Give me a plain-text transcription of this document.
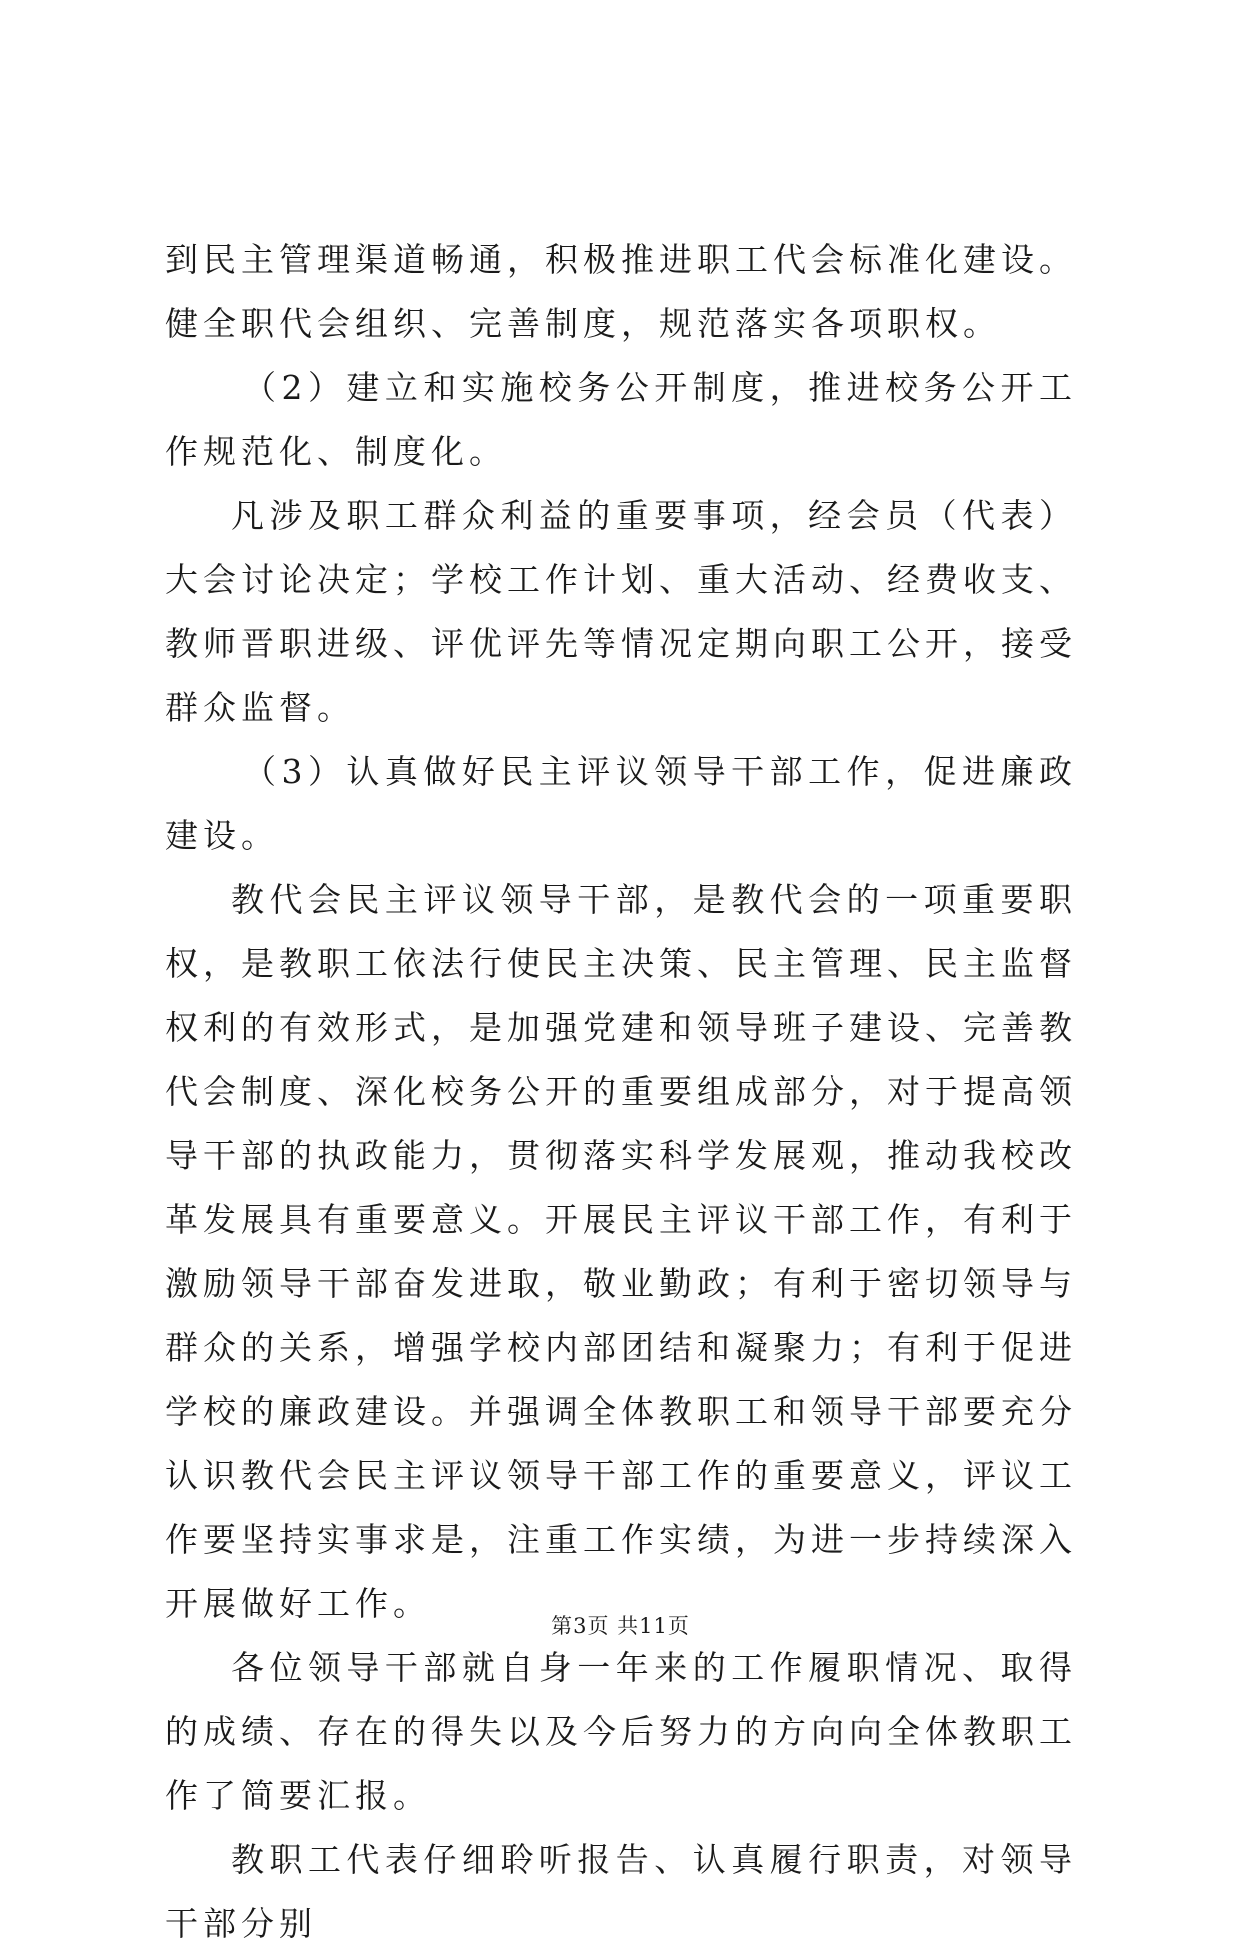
到民主管理渠道畅通，积极推进职工代会标准化建设。健全职代会组织、完善制度，规范落实各项职权。

（2）建立和实施校务公开制度，推进校务公开工作规范化、制度化。

凡涉及职工群众利益的重要事项，经会员（代表）大会讨论决定；学校工作计划、重大活动、经费收支、教师晋职进级、评优评先等情况定期向职工公开，接受群众监督。

（3）认真做好民主评议领导干部工作，促进廉政建设。

教代会民主评议领导干部，是教代会的一项重要职权，是教职工依法行使民主决策、民主管理、民主监督权利的有效形式，是加强党建和领导班子建设、完善教代会制度、深化校务公开的重要组成部分，对于提高领导干部的执政能力，贯彻落实科学发展观，推动我校改革发展具有重要意义。开展民主评议干部工作，有利于激励领导干部奋发进取，敬业勤政；有利于密切领导与群众的关系，增强学校内部团结和凝聚力；有利于促进学校的廉政建设。并强调全体教职工和领导干部要充分认识教代会民主评议领导干部工作的重要意义，评议工作要坚持实事求是，注重工作实绩，为进一步持续深入开展做好工作。

各位领导干部就自身一年来的工作履职情况、取得的成绩、存在的得失以及今后努力的方向向全体教职工作了简要汇报。

教职工代表仔细聆听报告、认真履行职责，对领导干部分别

第3页 共11页
